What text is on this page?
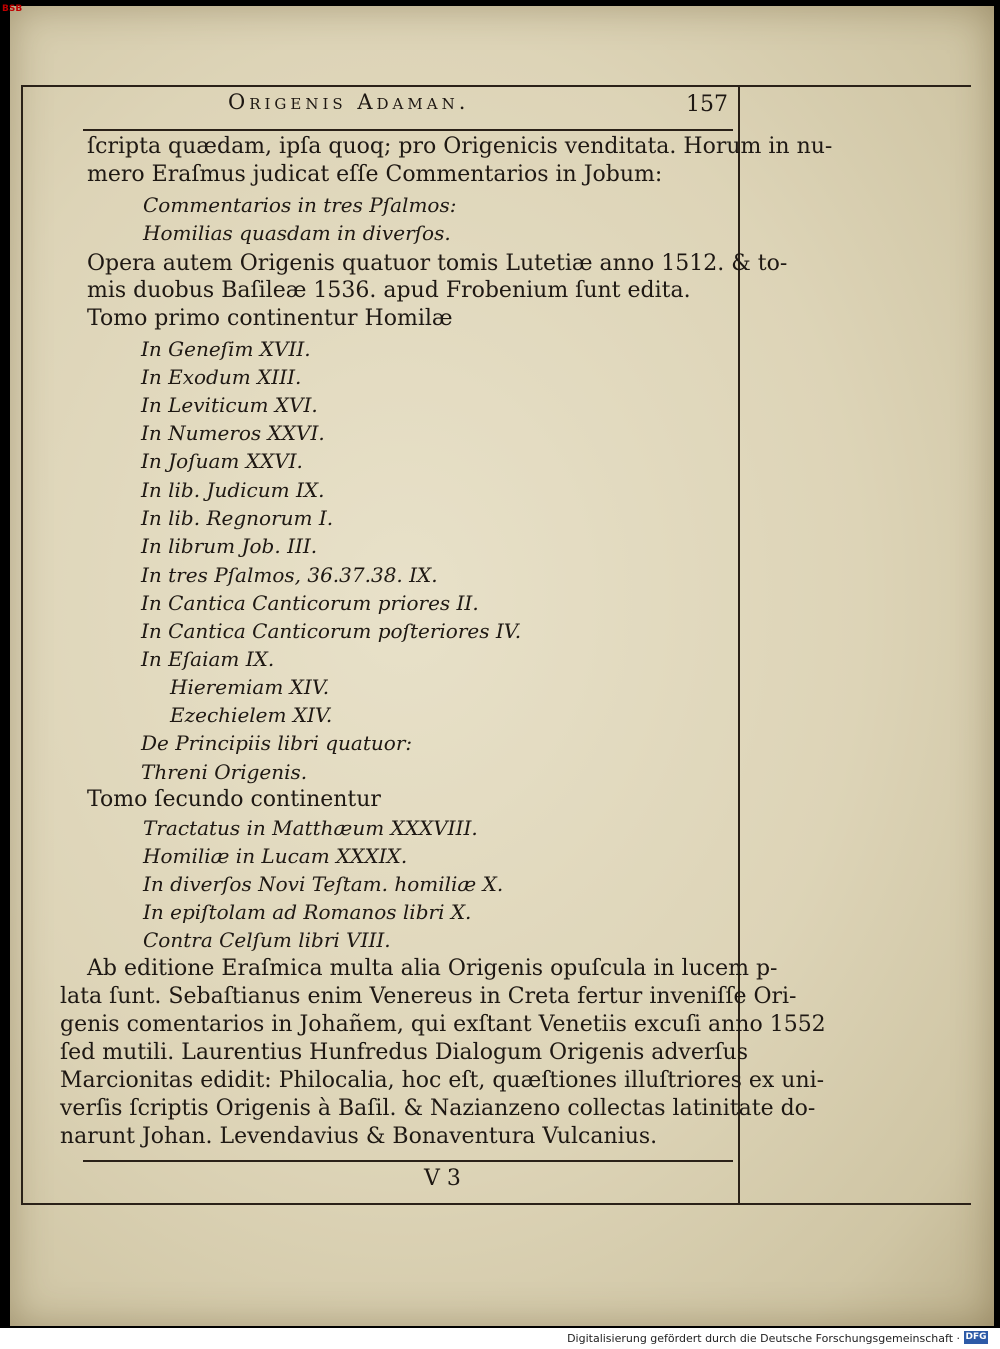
BSB
Origenis Adaman.	157
ſcripta quædam, ipſa quoq; pro Origenicis venditata. Horum in nu-
mero Eraſmus judicat eſſe Commentarios in Jobum:
Commentarios in tres Pſalmos:
Homilias quasdam in diverſos.
Opera autem Origenis quatuor tomis Lutetiæ anno 1512. & to-
mis duobus Baſileæ 1536. apud Frobenium ſunt edita.
Tomo primo continentur Homilæ
In Geneſim XVII.
In Exodum XIII.
In Leviticum XVI.
In Numeros XXVI.
In Joſuam XXVI.
In lib. Judicum IX.
In lib. Regnorum I.
In librum Job. III.
In tres Pſalmos, 36.37.38. IX.
In Cantica Canticorum priores II.
In Cantica Canticorum poſteriores IV.
In Eſaiam IX.
Hieremiam XIV.
Ezechielem XIV.
De Principiis libri quatuor:
Threni Origenis.
Tomo ſecundo continentur
Tractatus in Matthæum XXXVIII.
Homiliæ in Lucam XXXIX.
In diverſos Novi Teſtam. homiliæ X.
In epiſtolam ad Romanos libri X.
Contra Celſum libri VIII.
Ab editione Eraſmica multa alia Origenis opuſcula in lucem p-
lata ſunt. Sebaſtianus enim Venereus in Creta fertur inveniſſe Ori-
genis comentarios in Johañem, qui exſtant Venetiis excuſi anno 1552
ſed mutili. Laurentius Hunfredus Dialogum Origenis adverſus
Marcionitas edidit: Philocalia, hoc eſt, quæſtiones illuſtriores ex uni-
verſis ſcriptis Origenis à Baſil. & Nazianzeno collectas latinitate do-
narunt Johan. Levendavius & Bonaventura Vulcanius.
V 3
Digitalisierung gefördert durch die Deutsche Forschungsgemeinschaft · DFG
